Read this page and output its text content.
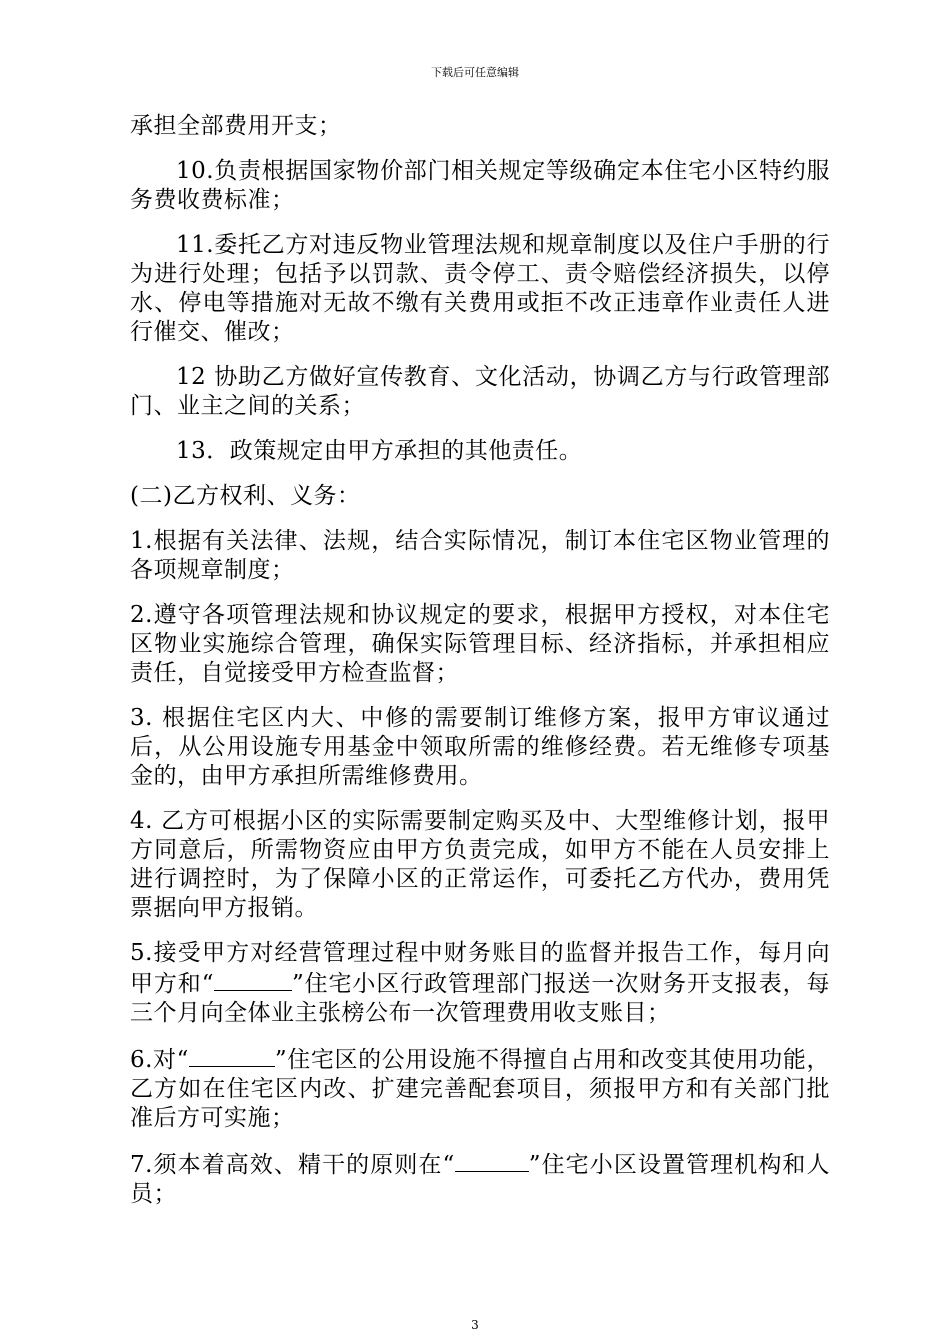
下载后可任意编辑

承担全部费用开支；

10.负责根据国家物价部门相关规定等级确定本住宅小区特约服务费收费标准；

11.委托乙方对违反物业管理法规和规章制度以及住户手册的行为进行处理；包括予以罚款、责令停工、责令赔偿经济损失，以停水、停电等措施对无故不缴有关费用或拒不改正违章作业责任人进行催交、催改；

12 协助乙方做好宣传教育、文化活动，协调乙方与行政管理部门、业主之间的关系；

13．政策规定由甲方承担的其他责任。

(二)乙方权利、义务：

1.根据有关法律、法规，结合实际情况，制订本住宅区物业管理的各项规章制度；

2.遵守各项管理法规和协议规定的要求，根据甲方授权，对本住宅区物业实施综合管理，确保实际管理目标、经济指标，并承担相应责任，自觉接受甲方检查监督；

3. 根据住宅区内大、中修的需要制订维修方案，报甲方审议通过后，从公用设施专用基金中领取所需的维修经费。若无维修专项基金的，由甲方承担所需维修费用。

4. 乙方可根据小区的实际需要制定购买及中、大型维修计划，报甲方同意后，所需物资应由甲方负责完成，如甲方不能在人员安排上进行调控时，为了保障小区的正常运作，可委托乙方代办，费用凭票据向甲方报销。

5.接受甲方对经营管理过程中财务账目的监督并报告工作，每月向甲方和“	”住宅小区行政管理部门报送一次财务开支报表，每三个月向全体业主张榜公布一次管理费用收支账目；

6.对“	”住宅区的公用设施不得擅自占用和改变其使用功能，乙方如在住宅区内改、扩建完善配套项目，须报甲方和有关部门批准后方可实施；

7.须本着高效、精干的原则在“	”住宅小区设置管理机构和人员；

3
